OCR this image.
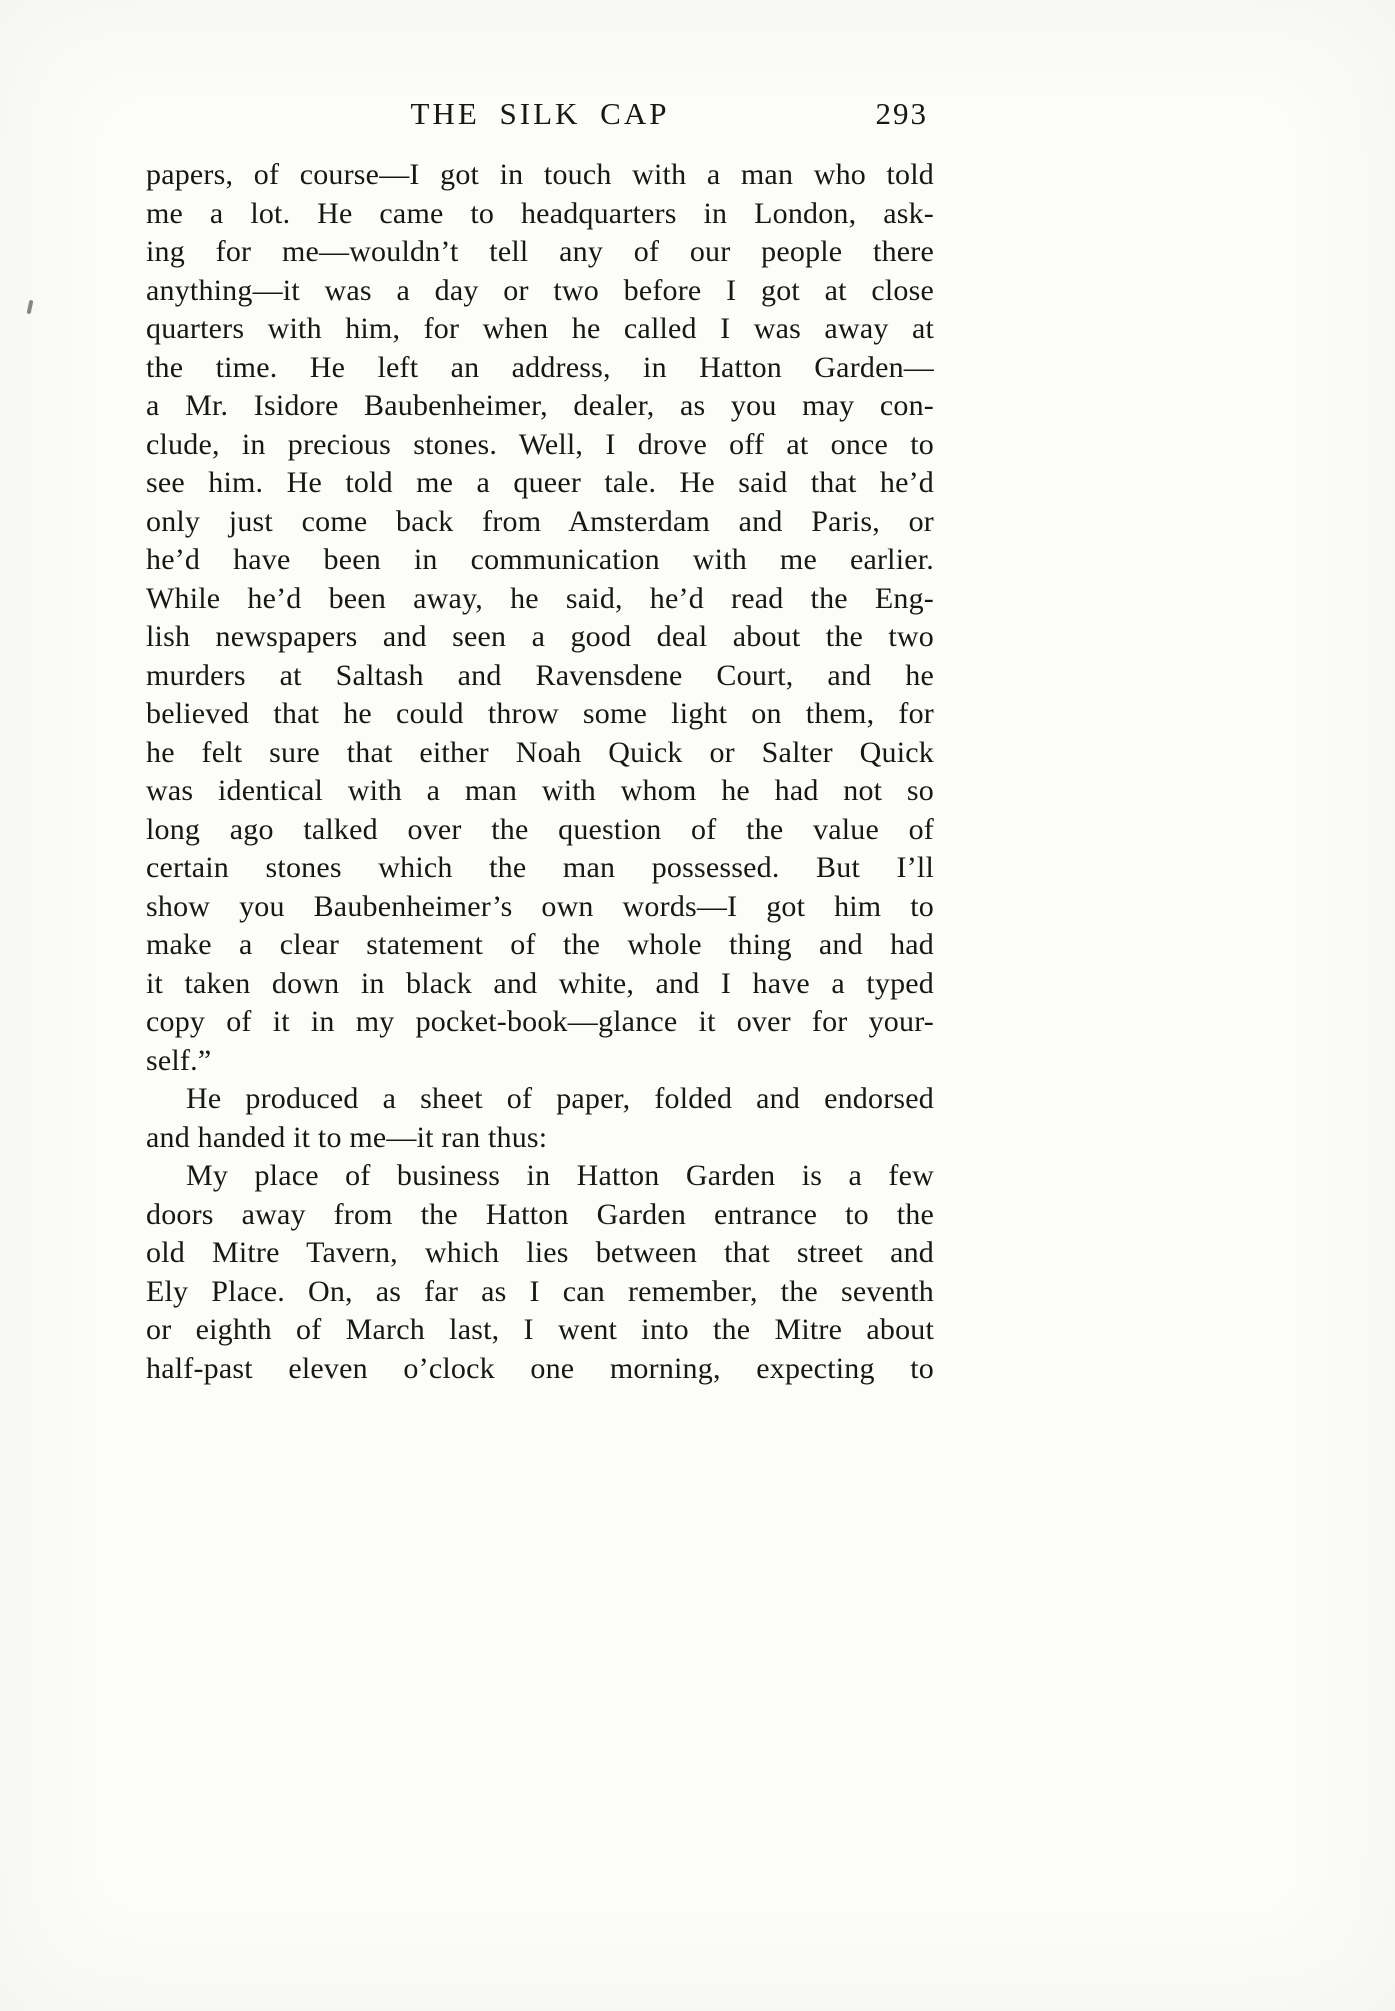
THE SILK CAP	293
papers, of course—I got in touch with a man who told
me a lot. He came to headquarters in London, ask-
ing for me—wouldn’t tell any of our people there
anything—it was a day or two before I got at close
quarters with him, for when he called I was away at
the time. He left an address, in Hatton Garden—
a Mr. Isidore Baubenheimer, dealer, as you may con-
clude, in precious stones. Well, I drove off at once to
see him. He told me a queer tale. He said that he’d
only just come back from Amsterdam and Paris, or
he’d have been in communication with me earlier.
While he’d been away, he said, he’d read the Eng-
lish newspapers and seen a good deal about the two
murders at Saltash and Ravensdene Court, and he
believed that he could throw some light on them, for
he felt sure that either Noah Quick or Salter Quick
was identical with a man with whom he had not so
long ago talked over the question of the value of
certain stones which the man possessed. But I’ll
show you Baubenheimer’s own words—I got him to
make a clear statement of the whole thing and had
it taken down in black and white, and I have a typed
copy of it in my pocket-book—glance it over for your-
self.”
He produced a sheet of paper, folded and endorsed
and handed it to me—it ran thus:
My place of business in Hatton Garden is a few
doors away from the Hatton Garden entrance to the
old Mitre Tavern, which lies between that street and
Ely Place. On, as far as I can remember, the seventh
or eighth of March last, I went into the Mitre about
half-past eleven o’clock one morning, expecting to
